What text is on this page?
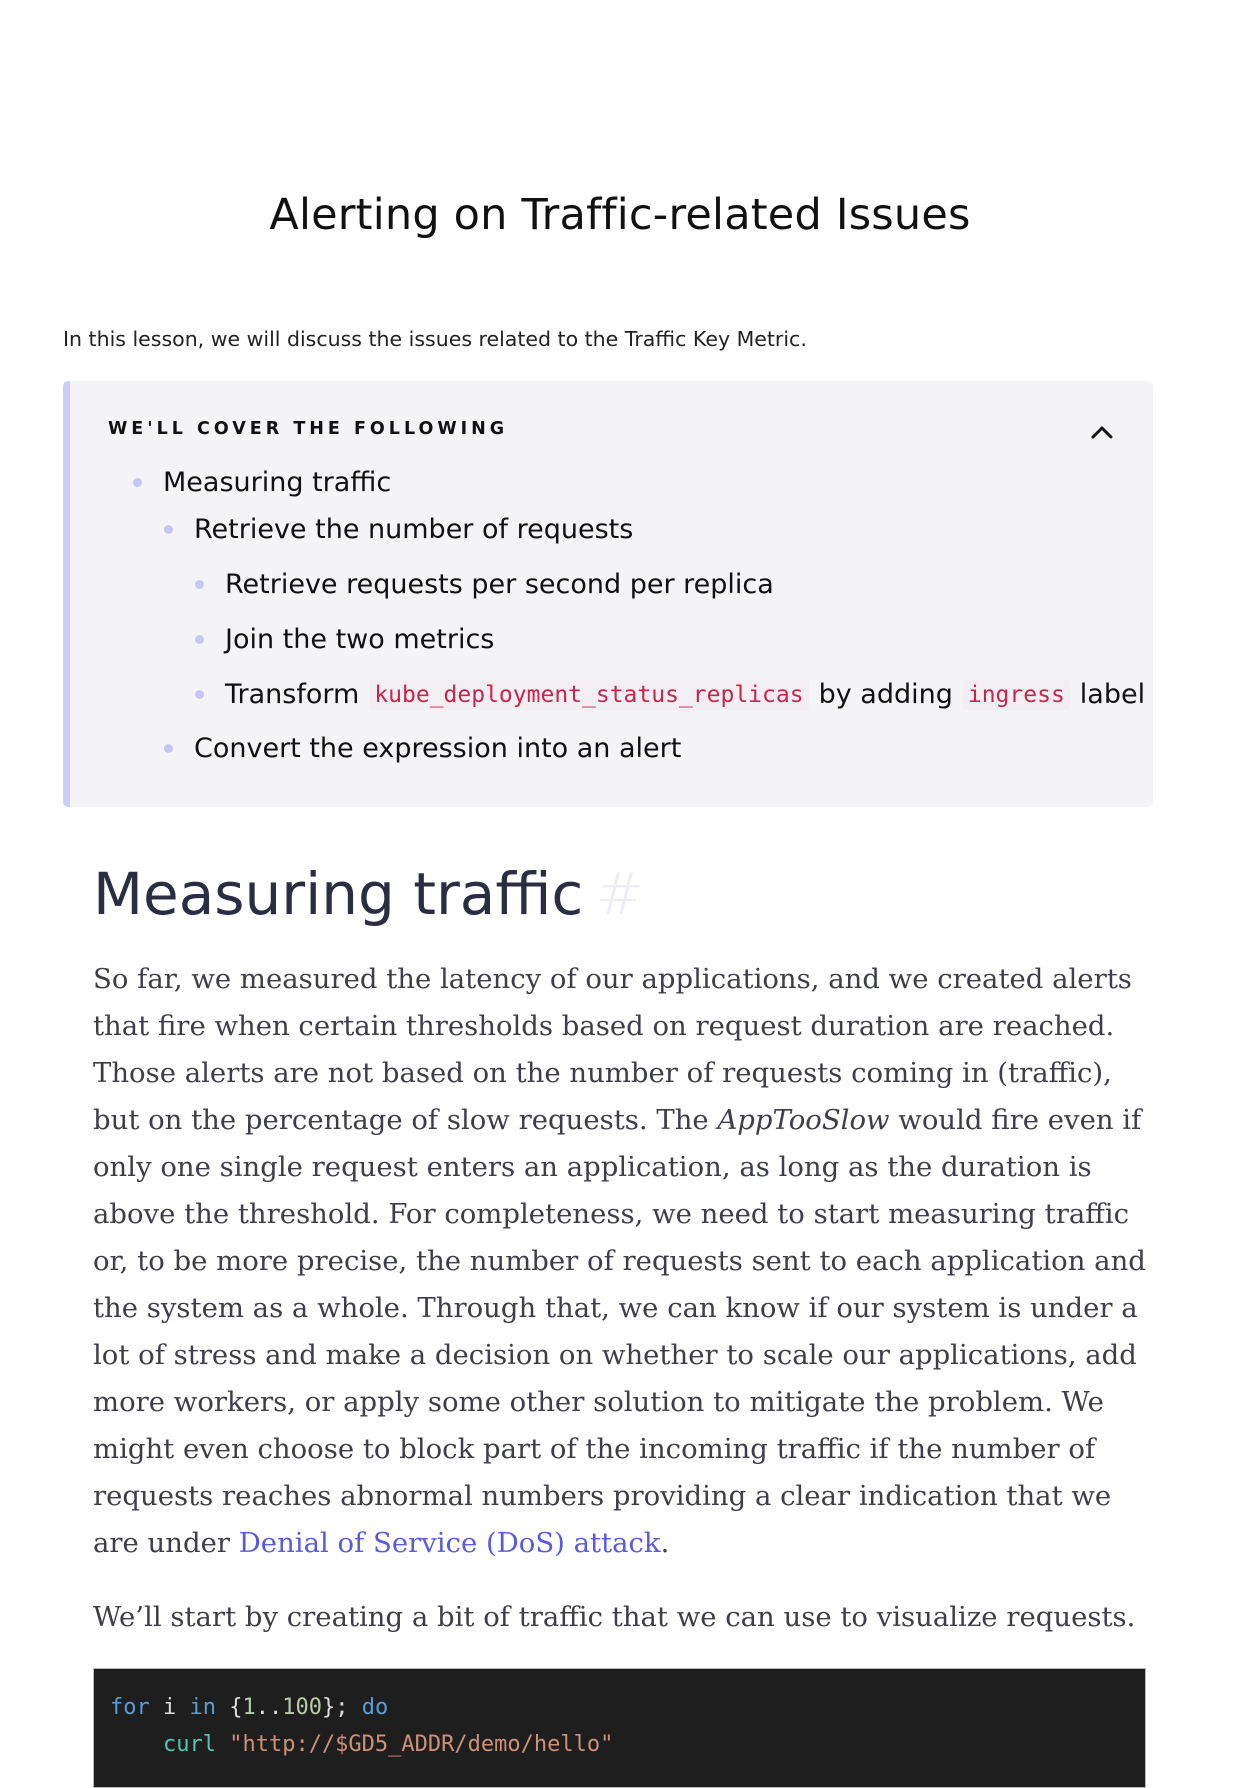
Alerting on Traffic-related Issues

In this lesson, we will discuss the issues related to the Traffic Key Metric.

WE'LL COVER THE FOLLOWING
Measuring traffic
Retrieve the number of requests
Retrieve requests per second per replica
Join the two metrics
Transform kube_deployment_status_replicas by adding ingress label
Convert the expression into an alert
Measuring traffic #

So far, we measured the latency of our applications, and we created alerts that fire when certain thresholds based on request duration are reached. Those alerts are not based on the number of requests coming in (traffic), but on the percentage of slow requests. The AppTooSlow would fire even if only one single request enters an application, as long as the duration is above the threshold. For completeness, we need to start measuring traffic or, to be more precise, the number of requests sent to each application and the system as a whole. Through that, we can know if our system is under a lot of stress and make a decision on whether to scale our applications, add more workers, or apply some other solution to mitigate the problem. We might even choose to block part of the incoming traffic if the number of requests reaches abnormal numbers providing a clear indication that we are under Denial of Service (DoS) attack.

We’ll start by creating a bit of traffic that we can use to visualize requests.

for i in {1..100}; do
curl "http://$GD5_ADDR/demo/hello"
